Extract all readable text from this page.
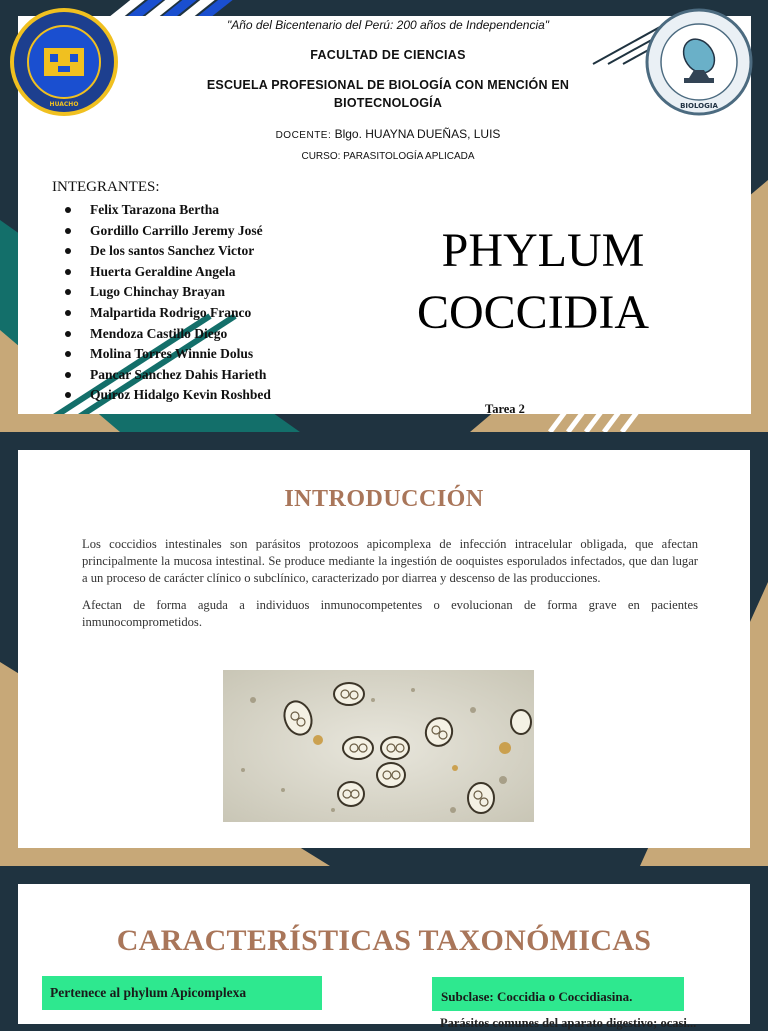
HUACHO	BIOLOGIA
"Año del Bicentenario del Perú: 200 años de Independencia"
FACULTAD DE CIENCIAS
ESCUELA PROFESIONAL DE BIOLOGÍA CON MENCIÓN EN
BIOTECNOLOGÍA
DOCENTE: Blgo. HUAYNA DUEÑAS, LUIS
CURSO: PARASITOLOGÍA APLICADA
INTEGRANTES:
Felix Tarazona Bertha
Gordillo Carrillo Jeremy José
De los santos Sanchez Victor
Huerta Geraldine Angela
Lugo Chinchay Brayan
Malpartida Rodrigo Franco
Mendoza Castillo Diego
Molina Torres Winnie Dolus
Pancar Sanchez Dahis Harieth
Quiroz Hidalgo Kevin Roshbed
PHYLUM
COCCIDIA
Tarea 2
INTRODUCCIÓN

Los coccidios intestinales son parásitos protozoos apicomplexa de infección intracelular obligada, que afectan principalmente la mucosa intestinal. Se produce mediante la ingestión de ooquistes esporulados infectados, que dan lugar a un proceso de carácter clínico o subclínico, caracterizado por diarrea y descenso de las producciones.

Afectan de forma aguda a individuos inmunocompetentes o evolucionan de forma grave en pacientes inmunocomprometidos.

CARACTERÍSTICAS TAXONÓMICAS
Pertenece al phylum Apicomplexa	Subclase: Coccidia o Coccidiasina.
Parásitos comunes del aparato digestivo; ocasi...
